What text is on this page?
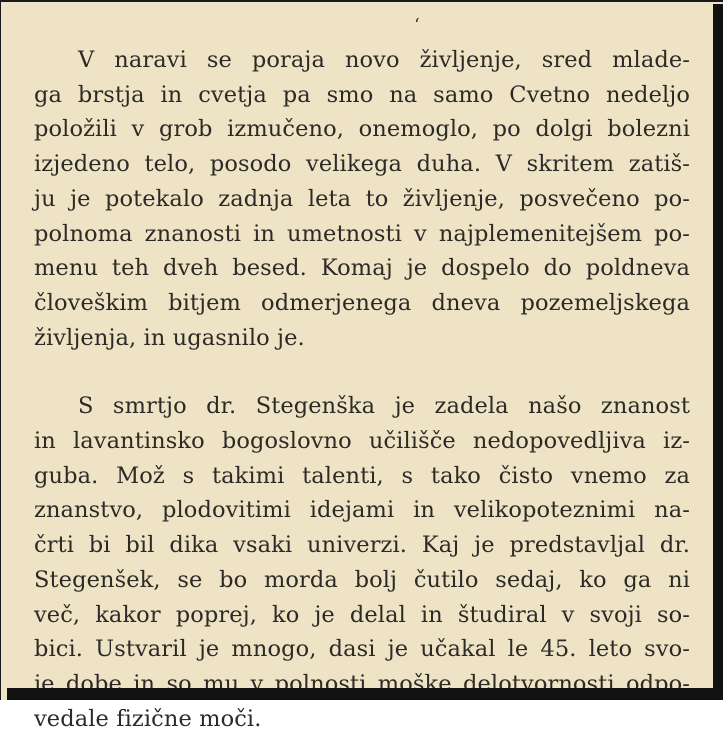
ʻ
V naravi se poraja novo življenje, sred mlade-
ga brstja in cvetja pa smo na samo Cvetno nedeljo
položili v grob izmučeno, onemoglo, po dolgi bolezni
izjedeno telo, posodo velikega duha. V skritem zatiš-
ju je potekalo zadnja leta to življenje, posvečeno po-
polnoma znanosti in umetnosti v najplemenitejšem po-
menu teh dveh besed. Komaj je dospelo do poldneva
človeškim bitjem odmerjenega dneva pozemeljskega
življenja, in ugasnilo je.
S smrtjo dr. Stegenška je zadela našo znanost
in lavantinsko bogoslovno učilišče nedopovedljiva iz-
guba. Mož s takimi talenti, s tako čisto vnemo za
znanstvo, plodovitimi idejami in velikopoteznimi na-
črti bi bil dika vsaki univerzi. Kaj je predstavljal dr.
Stegenšek, se bo morda bolj čutilo sedaj, ko ga ni
več, kakor poprej, ko je delal in študiral v svoji so-
bici. Ustvaril je mnogo, dasi je učakal le 45. leto svo-
je dobe in so mu v polnosti moške delotvornosti odpo-
vedale fizične moči.
